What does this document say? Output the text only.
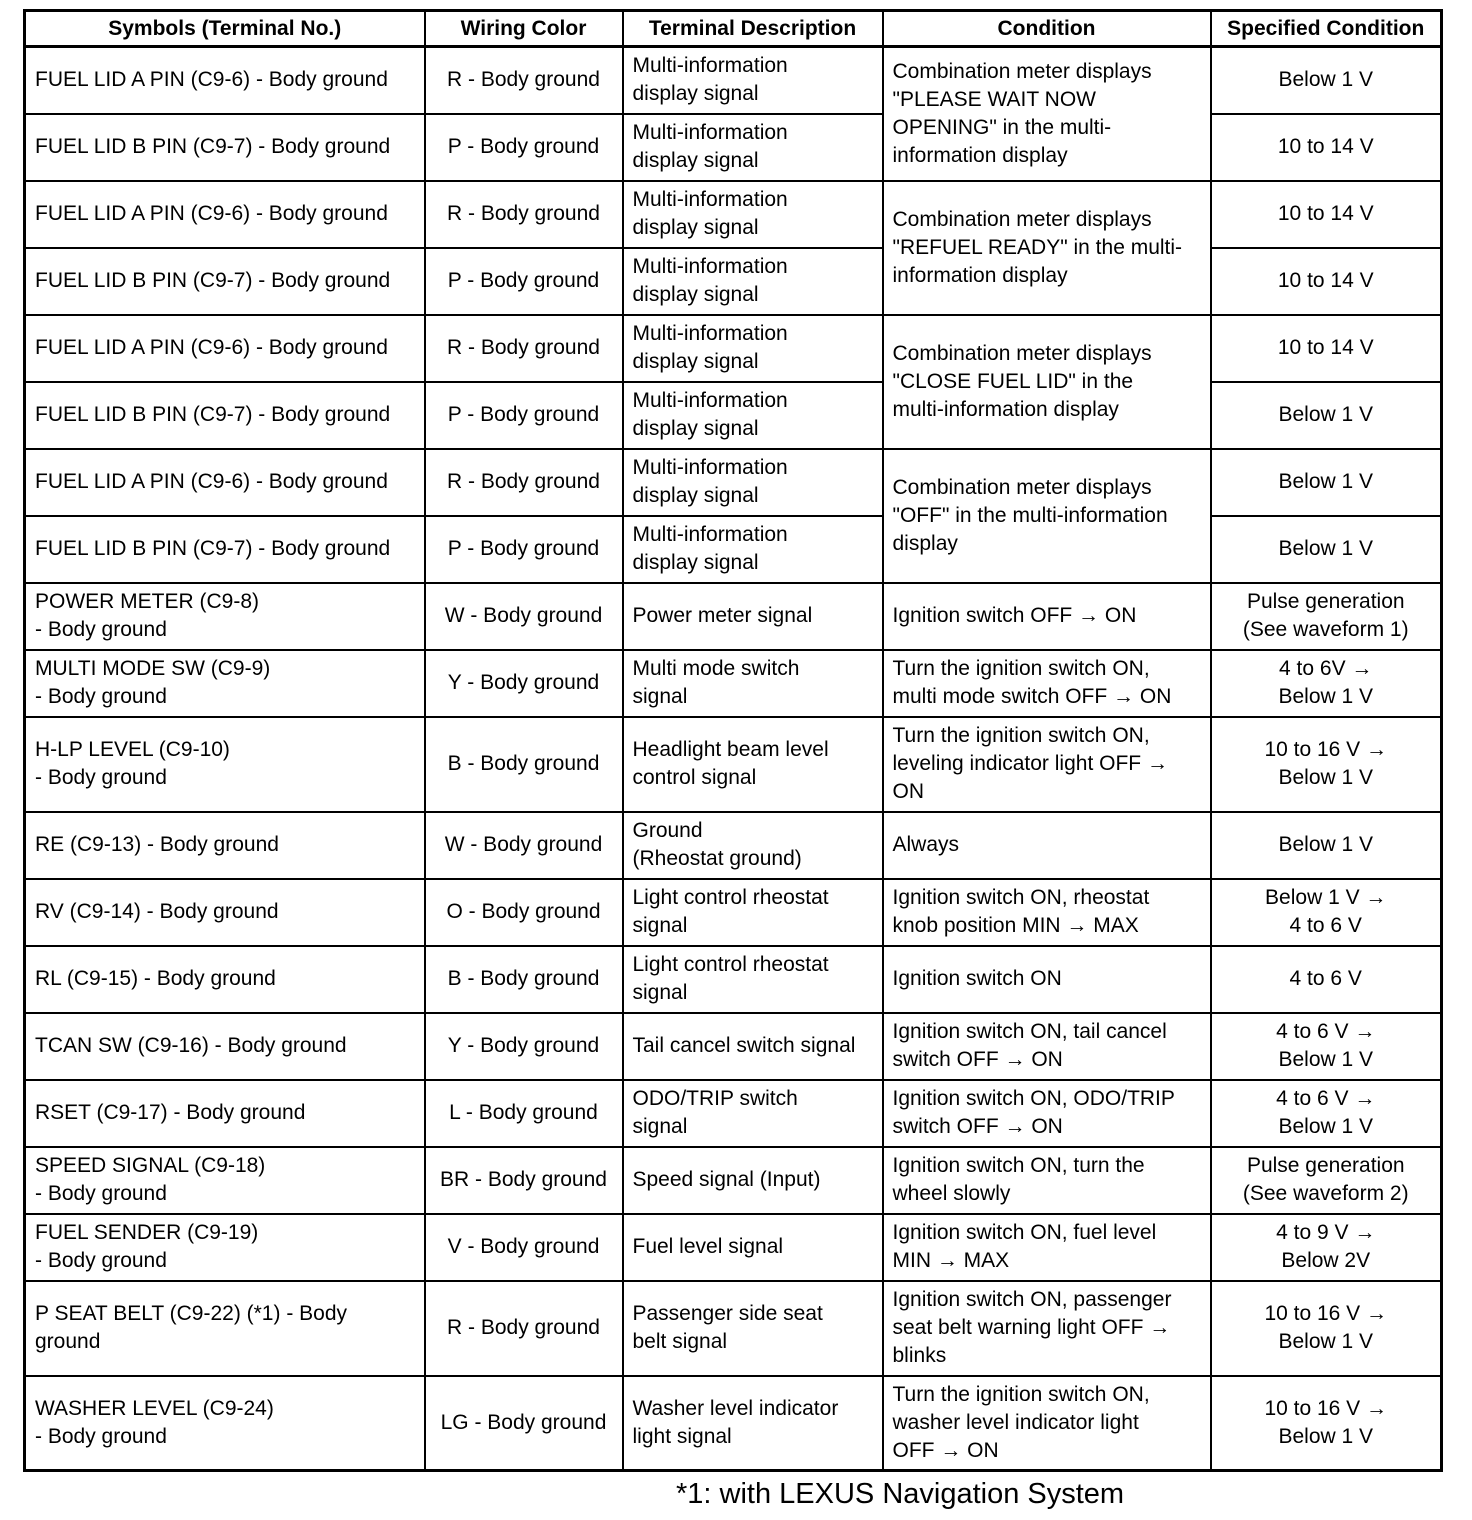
Symbols (Terminal No.)	Wiring Color	Terminal Description	Condition	Specified Condition
FUEL LID A PIN (C9-6) - Body ground	R - Body ground	Multi-information
display signal	Combination meter displays
"PLEASE WAIT NOW
OPENING" in the multi-
information display	Below 1 V
FUEL LID B PIN (C9-7) - Body ground	P - Body ground	Multi-information
display signal		10 to 14 V
FUEL LID A PIN (C9-6) - Body ground	R - Body ground	Multi-information
display signal	Combination meter displays
"REFUEL READY" in the multi-
information display	10 to 14 V
FUEL LID B PIN (C9-7) - Body ground	P - Body ground	Multi-information
display signal		10 to 14 V
FUEL LID A PIN (C9-6) - Body ground	R - Body ground	Multi-information
display signal	Combination meter displays
"CLOSE FUEL LID" in the
multi-information display	10 to 14 V
FUEL LID B PIN (C9-7) - Body ground	P - Body ground	Multi-information
display signal		Below 1 V
FUEL LID A PIN (C9-6) - Body ground	R - Body ground	Multi-information
display signal	Combination meter displays
"OFF" in the multi-information
display	Below 1 V
FUEL LID B PIN (C9-7) - Body ground	P - Body ground	Multi-information
display signal		Below 1 V
POWER METER (C9-8)
- Body ground	W - Body ground	Power meter signal	Ignition switch OFF → ON	Pulse generation
(See waveform 1)
MULTI MODE SW (C9-9)
- Body ground	Y - Body ground	Multi mode switch
signal	Turn the ignition switch ON,
multi mode switch OFF → ON	4 to 6V →
Below 1 V
H-LP LEVEL (C9-10)
- Body ground	B - Body ground	Headlight beam level
control signal	Turn the ignition switch ON,
leveling indicator light OFF →
ON	10 to 16 V →
Below 1 V
RE (C9-13) - Body ground	W - Body ground	Ground
(Rheostat ground)	Always	Below 1 V
RV (C9-14) - Body ground	O - Body ground	Light control rheostat
signal	Ignition switch ON, rheostat
knob position MIN → MAX	Below 1 V →
4 to 6 V
RL (C9-15) - Body ground	B - Body ground	Light control rheostat
signal	Ignition switch ON	4 to 6 V
TCAN SW (C9-16) - Body ground	Y - Body ground	Tail cancel switch signal	Ignition switch ON, tail cancel
switch OFF → ON	4 to 6 V →
Below 1 V
RSET (C9-17) - Body ground	L - Body ground	ODO/TRIP switch
signal	Ignition switch ON, ODO/TRIP
switch OFF → ON	4 to 6 V →
Below 1 V
SPEED SIGNAL (C9-18)
- Body ground	BR - Body ground	Speed signal (Input)	Ignition switch ON, turn the
wheel slowly	Pulse generation
(See waveform 2)
FUEL SENDER (C9-19)
- Body ground	V - Body ground	Fuel level signal	Ignition switch ON, fuel level
MIN → MAX	4 to 9 V →
Below 2V
P SEAT BELT (C9-22) (*1) - Body
ground	R - Body ground	Passenger side seat
belt signal	Ignition switch ON, passenger
seat belt warning light OFF →
blinks	10 to 16 V →
Below 1 V
WASHER LEVEL (C9-24)
- Body ground	LG - Body ground	Washer level indicator
light signal	Turn the ignition switch ON,
washer level indicator light
OFF → ON	10 to 16 V →
Below 1 V
*1: with LEXUS Navigation System
